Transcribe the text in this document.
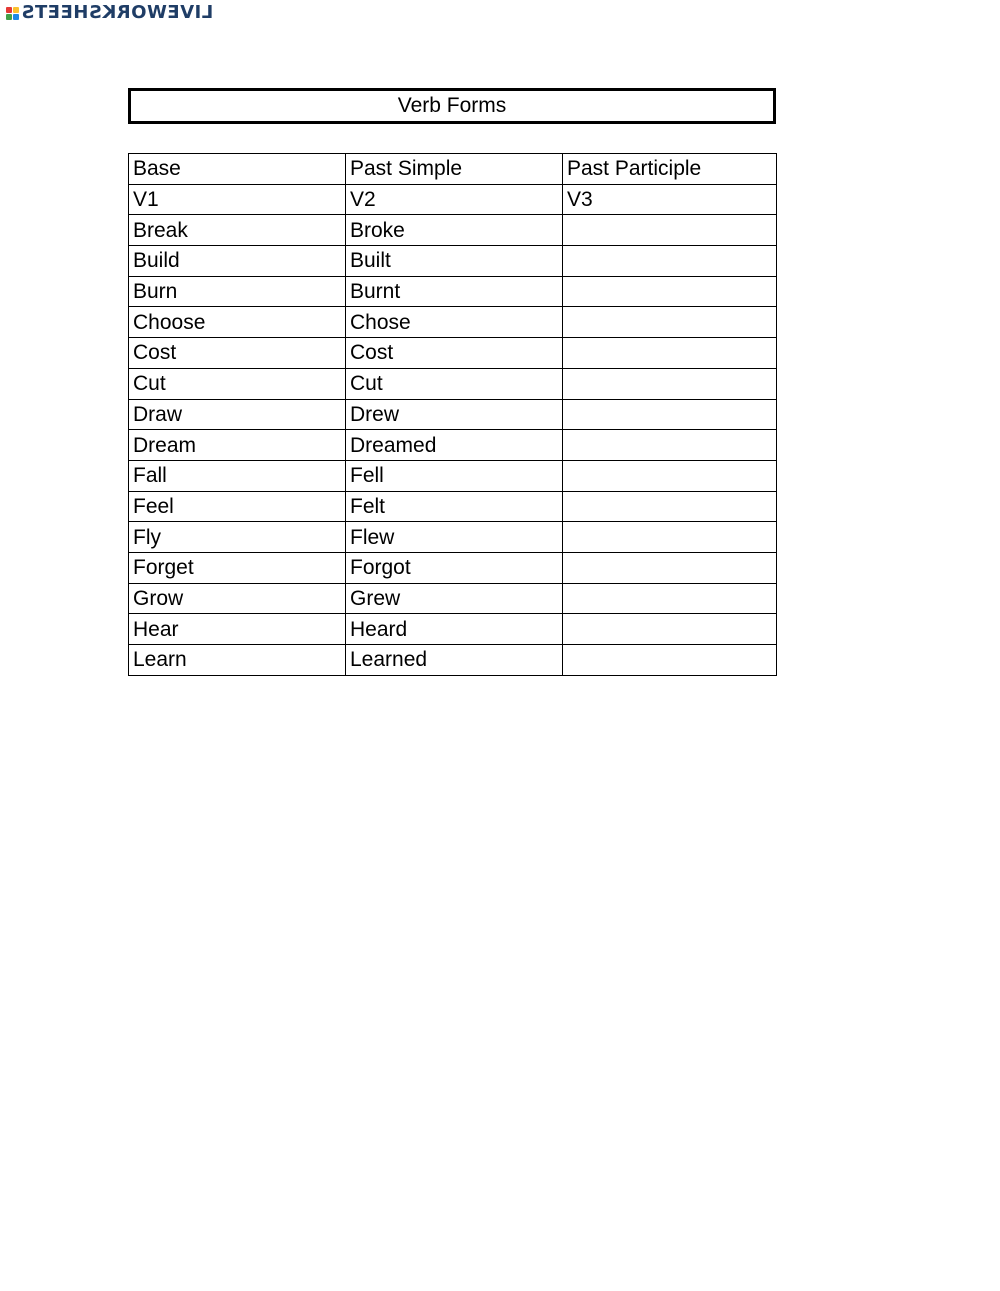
LIVEWORKSHEETS
Verb Forms
Base	Past Simple	Past Participle
V1	V2	V3
Break	Broke	
Build	Built	
Burn	Burnt	
Choose	Chose	
Cost	Cost	
Cut	Cut	
Draw	Drew	
Dream	Dreamed	
Fall	Fell	
Feel	Felt	
Fly	Flew	
Forget	Forgot	
Grow	Grew	
Hear	Heard	
Learn	Learned	
